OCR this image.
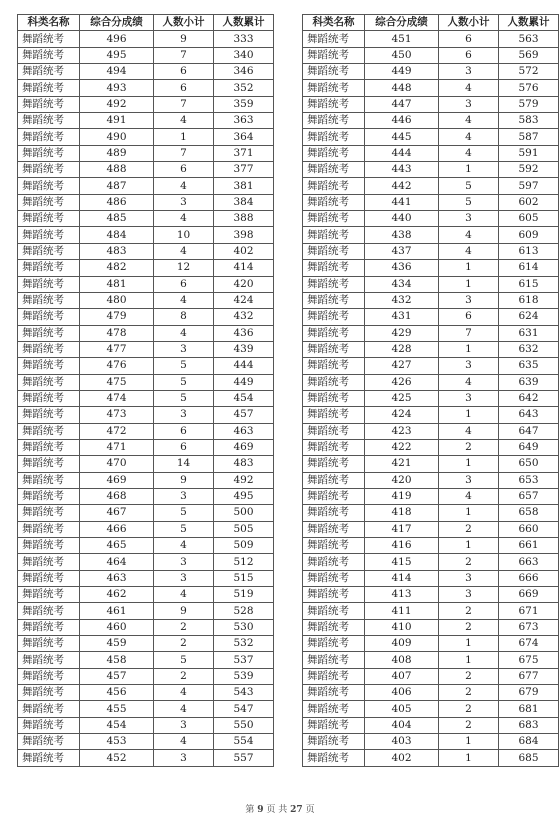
科类名称	综合分成绩	人数小计	人数累计
舞蹈统考	496	9	333
舞蹈统考	495	7	340
舞蹈统考	494	6	346
舞蹈统考	493	6	352
舞蹈统考	492	7	359
舞蹈统考	491	4	363
舞蹈统考	490	1	364
舞蹈统考	489	7	371
舞蹈统考	488	6	377
舞蹈统考	487	4	381
舞蹈统考	486	3	384
舞蹈统考	485	4	388
舞蹈统考	484	10	398
舞蹈统考	483	4	402
舞蹈统考	482	12	414
舞蹈统考	481	6	420
舞蹈统考	480	4	424
舞蹈统考	479	8	432
舞蹈统考	478	4	436
舞蹈统考	477	3	439
舞蹈统考	476	5	444
舞蹈统考	475	5	449
舞蹈统考	474	5	454
舞蹈统考	473	3	457
舞蹈统考	472	6	463
舞蹈统考	471	6	469
舞蹈统考	470	14	483
舞蹈统考	469	9	492
舞蹈统考	468	3	495
舞蹈统考	467	5	500
舞蹈统考	466	5	505
舞蹈统考	465	4	509
舞蹈统考	464	3	512
舞蹈统考	463	3	515
舞蹈统考	462	4	519
舞蹈统考	461	9	528
舞蹈统考	460	2	530
舞蹈统考	459	2	532
舞蹈统考	458	5	537
舞蹈统考	457	2	539
舞蹈统考	456	4	543
舞蹈统考	455	4	547
舞蹈统考	454	3	550
舞蹈统考	453	4	554
舞蹈统考	452	3	557
科类名称	综合分成绩	人数小计	人数累计
舞蹈统考	451	6	563
舞蹈统考	450	6	569
舞蹈统考	449	3	572
舞蹈统考	448	4	576
舞蹈统考	447	3	579
舞蹈统考	446	4	583
舞蹈统考	445	4	587
舞蹈统考	444	4	591
舞蹈统考	443	1	592
舞蹈统考	442	5	597
舞蹈统考	441	5	602
舞蹈统考	440	3	605
舞蹈统考	438	4	609
舞蹈统考	437	4	613
舞蹈统考	436	1	614
舞蹈统考	434	1	615
舞蹈统考	432	3	618
舞蹈统考	431	6	624
舞蹈统考	429	7	631
舞蹈统考	428	1	632
舞蹈统考	427	3	635
舞蹈统考	426	4	639
舞蹈统考	425	3	642
舞蹈统考	424	1	643
舞蹈统考	423	4	647
舞蹈统考	422	2	649
舞蹈统考	421	1	650
舞蹈统考	420	3	653
舞蹈统考	419	4	657
舞蹈统考	418	1	658
舞蹈统考	417	2	660
舞蹈统考	416	1	661
舞蹈统考	415	2	663
舞蹈统考	414	3	666
舞蹈统考	413	3	669
舞蹈统考	411	2	671
舞蹈统考	410	2	673
舞蹈统考	409	1	674
舞蹈统考	408	1	675
舞蹈统考	407	2	677
舞蹈统考	406	2	679
舞蹈统考	405	2	681
舞蹈统考	404	2	683
舞蹈统考	403	1	684
舞蹈统考	402	1	685
第 9 页 共 27 页
